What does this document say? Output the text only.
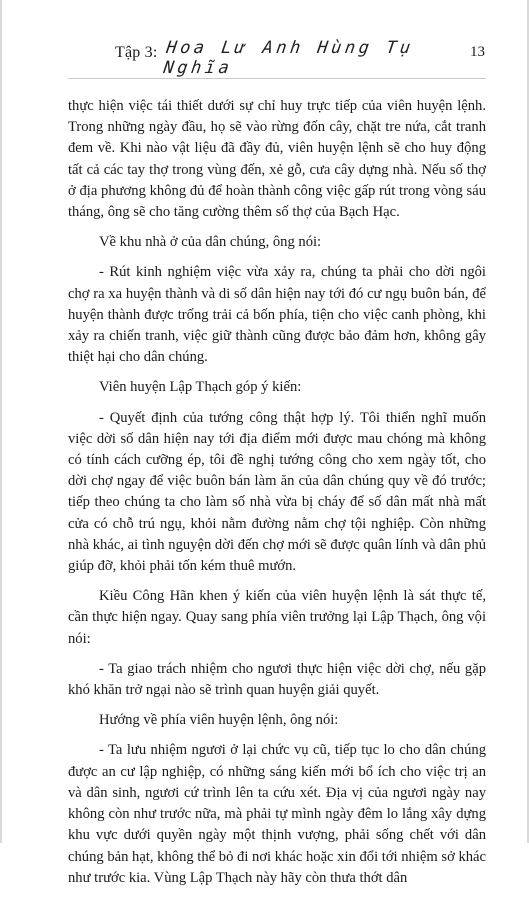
Tập 3: Hoa Lư Anh Hùng Tụ Nghĩa
13

thực hiện việc tái thiết dưới sự chỉ huy trực tiếp của viên huyện lệnh. Trong những ngày đầu, họ sẽ vào rừng đốn cây, chặt tre nứa, cắt tranh đem về. Khi nào vật liệu đã đầy đủ, viên huyện lệnh sẽ cho huy động tất cả các tay thợ trong vùng đến, xẻ gỗ, cưa cây dựng nhà. Nếu số thợ ở địa phương không đủ để hoàn thành công việc gấp rút trong vòng sáu tháng, ông sẽ cho tăng cường thêm số thợ của Bạch Hạc.

Về khu nhà ở của dân chúng, ông nói:

- Rút kinh nghiệm việc vừa xảy ra, chúng ta phải cho dời ngôi chợ ra xa huyện thành và di số dân hiện nay tới đó cư ngụ buôn bán, để huyện thành được trống trải cả bốn phía, tiện cho việc canh phòng, khi xảy ra chiến tranh, việc giữ thành cũng được bảo đảm hơn, không gây thiệt hại cho dân chúng.

Viên huyện Lập Thạch góp ý kiến:

- Quyết định của tướng công thật hợp lý. Tôi thiển nghĩ muốn việc dời số dân hiện nay tới địa điểm mới được mau chóng mà không có tính cách cưỡng ép, tôi đề nghị tướng công cho xem ngày tốt, cho dời chợ ngay để việc buôn bán làm ăn của dân chúng quy về đó trước; tiếp theo chúng ta cho làm số nhà vừa bị cháy để số dân mất nhà mất cửa có chỗ trú ngụ, khỏi nằm đường nằm chợ tội nghiệp. Còn những nhà khác, ai tình nguyện dời đến chợ mới sẽ được quân lính và dân phủ giúp đỡ, khỏi phải tốn kém thuê mướn.

Kiều Công Hãn khen ý kiến của viên huyện lệnh là sát thực tế, cần thực hiện ngay. Quay sang phía viên trưởng lại Lập Thạch, ông vội nói:

- Ta giao trách nhiệm cho ngươi thực hiện việc dời chợ, nếu gặp khó khăn trở ngại nào sẽ trình quan huyện giải quyết.

Hướng về phía viên huyện lệnh, ông nói:

- Ta lưu nhiệm ngươi ở lại chức vụ cũ, tiếp tục lo cho dân chúng được an cư lập nghiệp, có những sáng kiến mới bổ ích cho việc trị an và dân sinh, ngươi cứ trình lên ta cứu xét. Địa vị của ngươi ngày nay không còn như trước nữa, mà phải tự mình ngày đêm lo lắng xây dựng khu vực dưới quyền ngày một thịnh vượng, phải sống chết với dân chúng bản hạt, không thể bỏ đi nơi khác hoặc xin đổi tới nhiệm sở khác như trước kia. Vùng Lập Thạch này hãy còn thưa thớt dân
